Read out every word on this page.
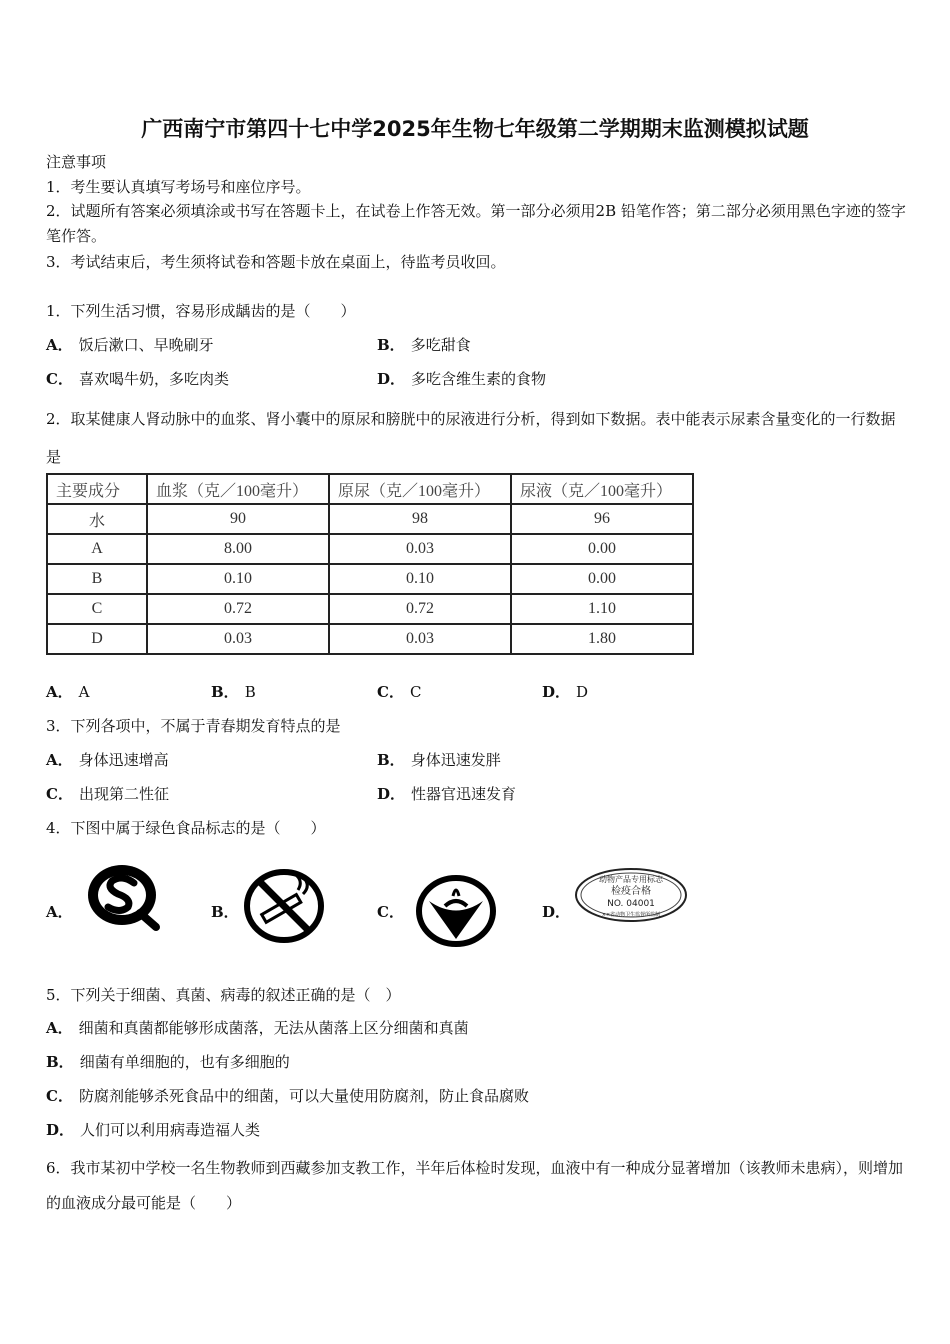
广西南宁市第四十七中学2025年生物七年级第二学期期末监测模拟试题
注意事项
1．考生要认真填写考场号和座位序号。
2．试题所有答案必须填涂或书写在答题卡上，在试卷上作答无效。第一部分必须用2B 铅笔作答；第二部分必须用黑色字迹的签字笔作答。
3．考试结束后，考生须将试卷和答题卡放在桌面上，待监考员收回。
1．下列生活习惯，容易形成龋齿的是（　　）
A． 饭后漱口、早晚刷牙	B． 多吃甜食
C． 喜欢喝牛奶，多吃肉类	D． 多吃含维生素的食物
2．取某健康人肾动脉中的血浆、肾小囊中的原尿和膀胱中的尿液进行分析，得到如下数据。表中能表示尿素含量变化的一行数据是
主要成分	血浆（克／100毫升）	原尿（克／100毫升）	尿液（克／100毫升）
水	90	98	96
A	8.00	0.03	0.00
B	0.10	0.10	0.00
C	0.72	0.72	1.10
D	0.03	0.03	1.80
A． A	B． B	C． C	D． D
3．下列各项中，不属于青春期发育特点的是
A． 身体迅速增高	B． 身体迅速发胖
C． 出现第二性征	D． 性器官迅速发育
4．下图中属于绿色食品标志的是（　　）
A．	B．	C．	D．
动物产品专用标志
检疫合格
NO. 04001
××省动物卫生监督所监制
5．下列关于细菌、真菌、病毒的叙述正确的是（　）
A． 细菌和真菌都能够形成菌落，无法从菌落上区分细菌和真菌
B． 细菌有单细胞的，也有多细胞的
C． 防腐剂能够杀死食品中的细菌，可以大量使用防腐剂，防止食品腐败
D． 人们可以利用病毒造福人类
6．我市某初中学校一名生物教师到西藏参加支教工作，半年后体检时发现，血液中有一种成分显著增加（该教师未患病），则增加的血液成分最可能是（　　）
